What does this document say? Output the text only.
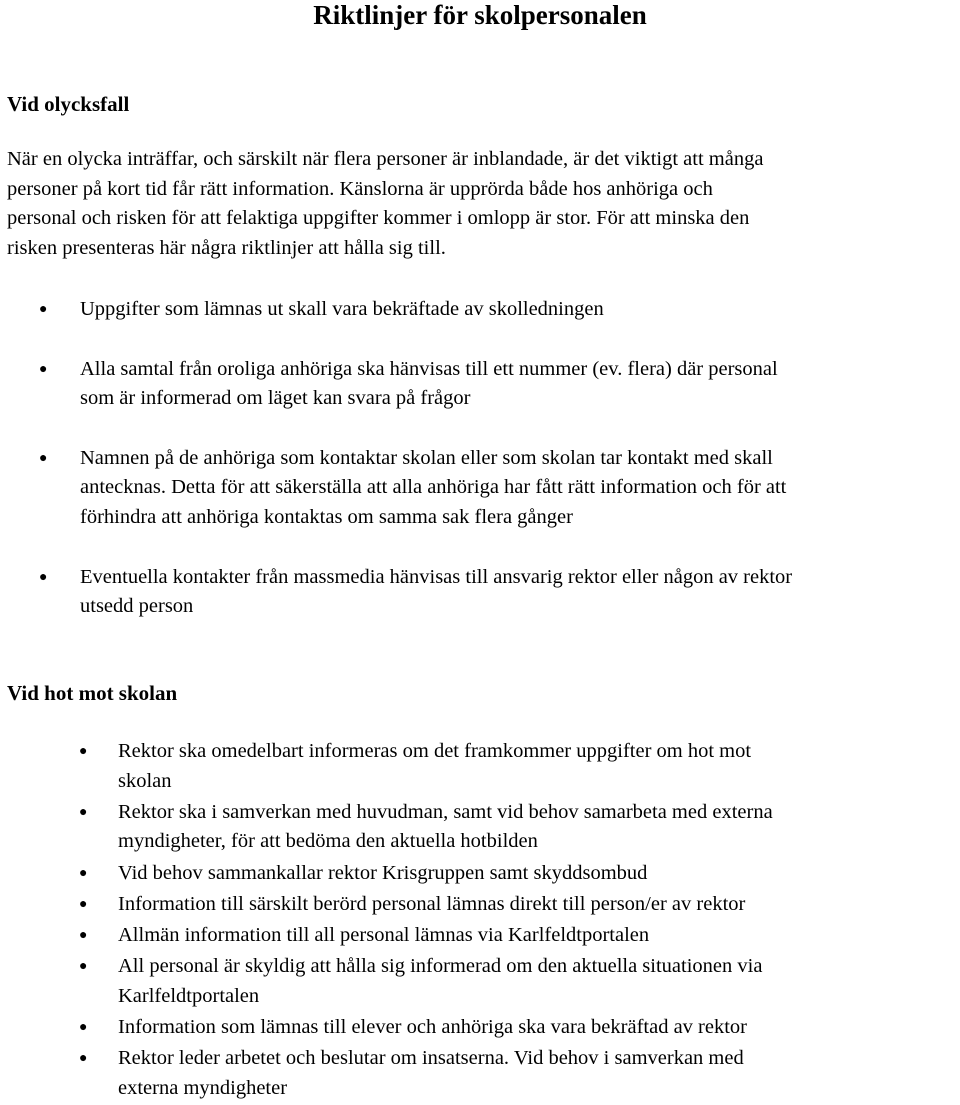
Riktlinjer för skolpersonalen
Vid olycksfall

När en olycka inträffar, och särskilt när flera personer är inblandade, är det viktigt att många
personer på kort tid får rätt information. Känslorna är upprörda både hos anhöriga och
personal och risken för att felaktiga uppgifter kommer i omlopp är stor. För att minska den
risken presenteras här några riktlinjer att hålla sig till.

● Uppgifter som lämnas ut skall vara bekräftade av skolledningen
● Alla samtal från oroliga anhöriga ska hänvisas till ett nummer (ev. flera) där personal
som är informerad om läget kan svara på frågor
● Namnen på de anhöriga som kontaktar skolan eller som skolan tar kontakt med skall
antecknas. Detta för att säkerställa att alla anhöriga har fått rätt information och för att
förhindra att anhöriga kontaktas om samma sak flera gånger
● Eventuella kontakter från massmedia hänvisas till ansvarig rektor eller någon av rektor
utsedd person
Vid hot mot skolan
● Rektor ska omedelbart informeras om det framkommer uppgifter om hot mot
skolan
● Rektor ska i samverkan med huvudman, samt vid behov samarbeta med externa
myndigheter, för att bedöma den aktuella hotbilden
● Vid behov sammankallar rektor Krisgruppen samt skyddsombud
● Information till särskilt berörd personal lämnas direkt till person/er av rektor
● Allmän information till all personal lämnas via Karlfeldtportalen
● All personal är skyldig att hålla sig informerad om den aktuella situationen via
Karlfeldtportalen
● Information som lämnas till elever och anhöriga ska vara bekräftad av rektor
● Rektor leder arbetet och beslutar om insatserna. Vid behov i samverkan med
externa myndigheter
